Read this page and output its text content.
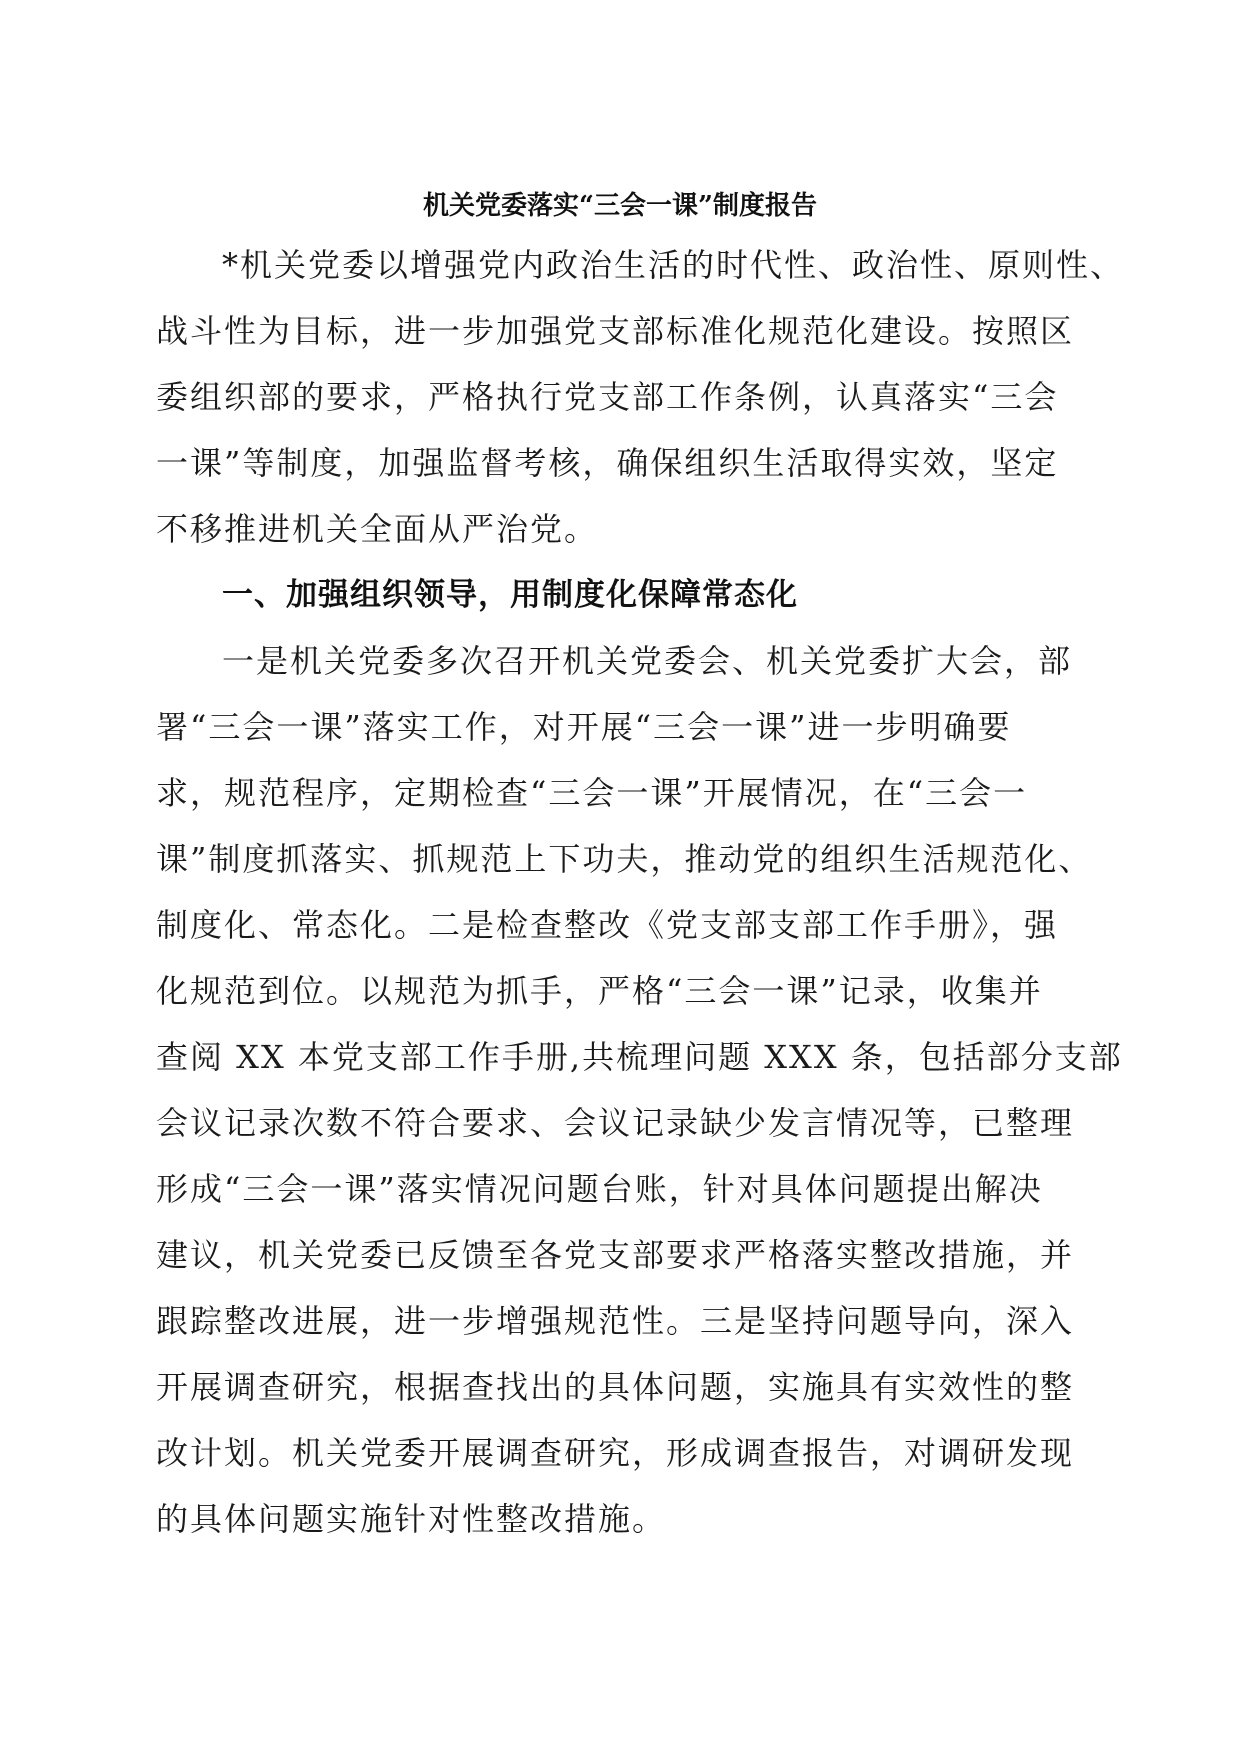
机关党委落实“三会一课”制度报告
*机关党委以增强党内政治生活的时代性、政治性、原则性、
战斗性为目标，进一步加强党支部标准化规范化建设。按照区
委组织部的要求，严格执行党支部工作条例，认真落实“三会
一课”等制度，加强监督考核，确保组织生活取得实效，坚定
不移推进机关全面从严治党。
一、加强组织领导，用制度化保障常态化
一是机关党委多次召开机关党委会、机关党委扩大会，部
署“三会一课”落实工作，对开展“三会一课”进一步明确要
求，规范程序，定期检查“三会一课”开展情况，在“三会一
课”制度抓落实、抓规范上下功夫，推动党的组织生活规范化、
制度化、常态化。二是检查整改《党支部支部工作手册》，强
化规范到位。以规范为抓手，严格“三会一课”记录，收集并
查阅 XX 本党支部工作手册,共梳理问题 XXX 条，包括部分支部
会议记录次数不符合要求、会议记录缺少发言情况等，已整理
形成“三会一课”落实情况问题台账，针对具体问题提出解决
建议，机关党委已反馈至各党支部要求严格落实整改措施，并
跟踪整改进展，进一步增强规范性。三是坚持问题导向，深入
开展调查研究，根据查找出的具体问题，实施具有实效性的整
改计划。机关党委开展调查研究，形成调查报告，对调研发现
的具体问题实施针对性整改措施。
